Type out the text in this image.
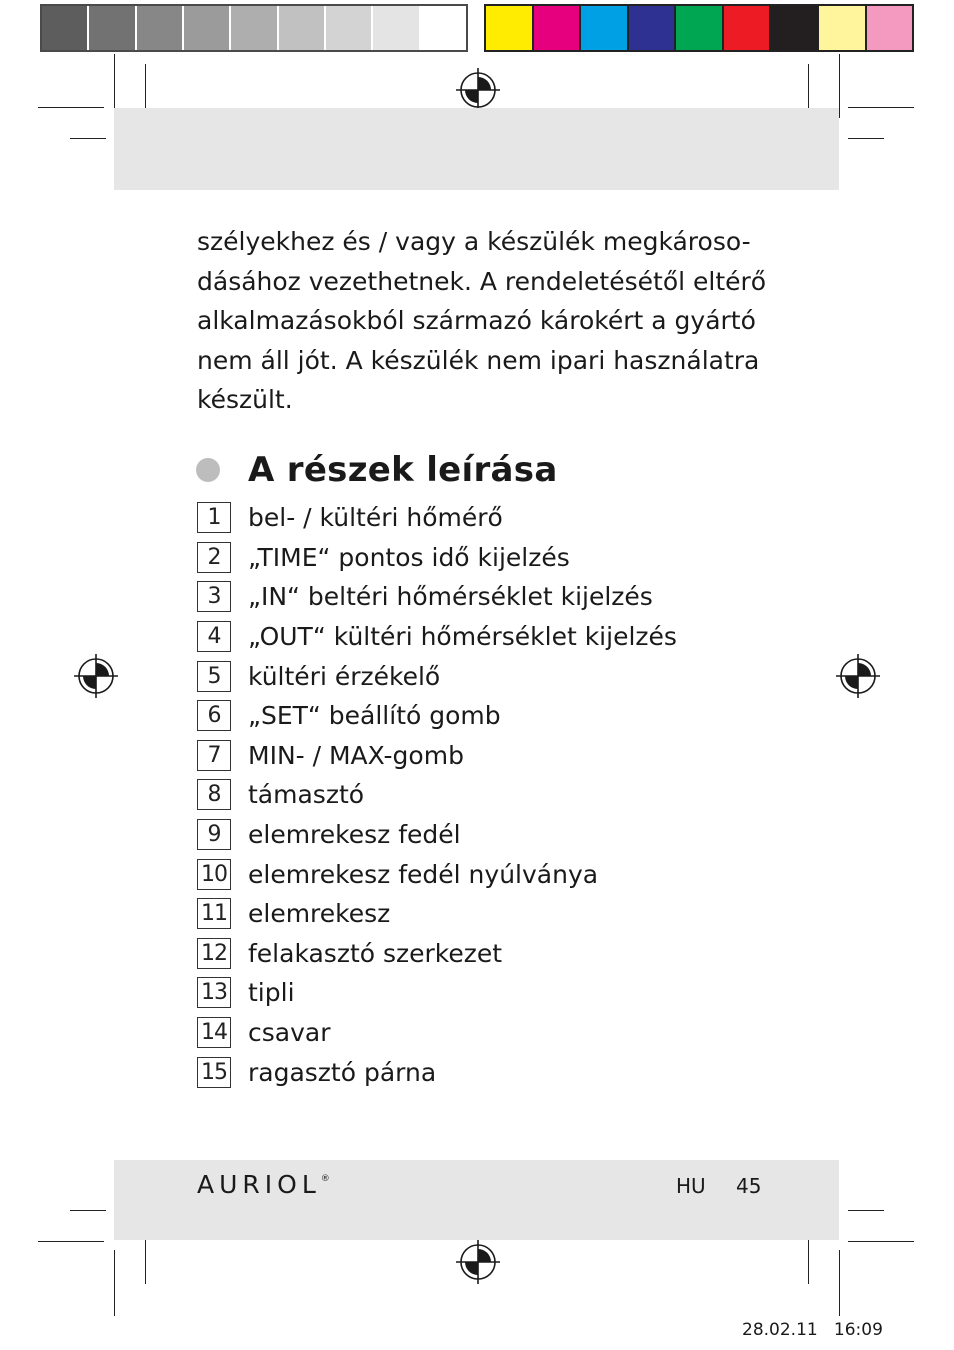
szélyekhez és / vagy a készülék megkároso-

dásához vezethetnek. A rendeletésétől eltérő

alkalmazásokból származó károkért a gyártó

nem áll jót. A készülék nem ipari használatra

készült.

A részek leírása
1	bel- / kültéri hőmérő
2	„TIME“ pontos idő kijelzés
3	„IN“ beltéri hőmérséklet kijelzés
4	„OUT“ kültéri hőmérséklet kijelzés
5	kültéri érzékelő
6	„SET“ beállító gomb
7	MIN- / MAX-gomb
8	támasztó
9	elemrekesz fedél
10 elemrekesz fedél nyúlványa
11 elemrekesz
12 felakasztó szerkezet
13 tipli
14 csavar
15 ragasztó párna
AURIOL®	HU 45
28.02.11 16:09
